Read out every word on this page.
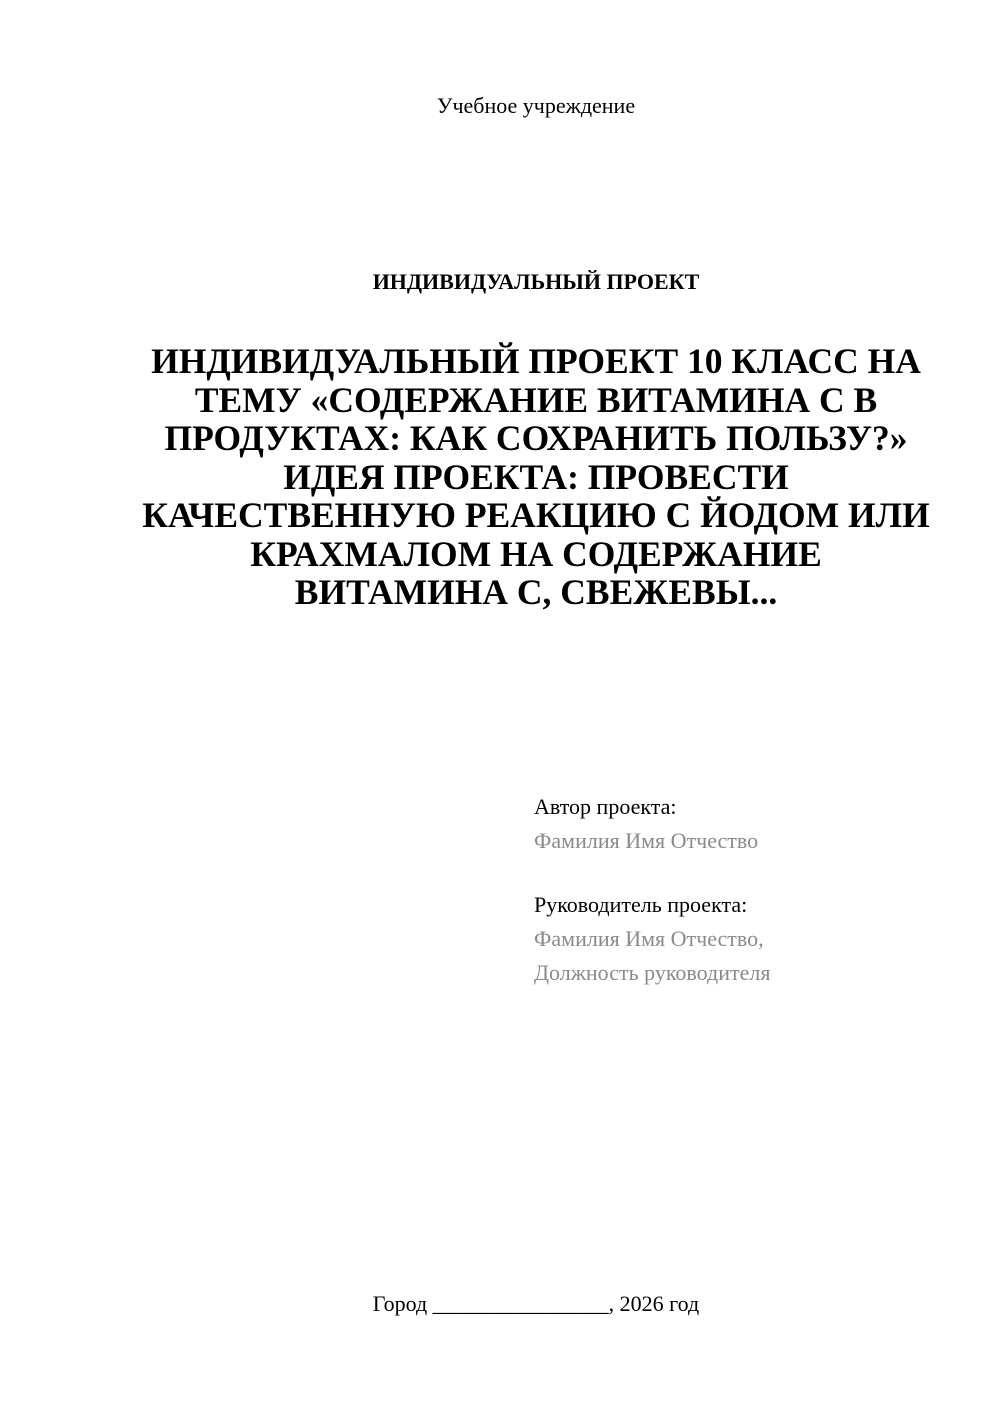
Учебное учреждение
ИНДИВИДУАЛЬНЫЙ ПРОЕКТ
ИНДИВИДУАЛЬНЫЙ ПРОЕКТ 10 КЛАСС НА ТЕМУ «СОДЕРЖАНИЕ ВИТАМИНА С В ПРОДУКТАХ: КАК СОХРАНИТЬ ПОЛЬЗУ?» ИДЕЯ ПРОЕКТА: ПРОВЕСТИ КАЧЕСТВЕННУЮ РЕАКЦИЮ С ЙОДОМ ИЛИ КРАХМАЛОМ НА СОДЕРЖАНИЕ ВИТАМИНА С, СВЕЖЕВЫ...
Автор проекта:
Фамилия Имя Отчество
Руководитель проекта:
Фамилия Имя Отчество,
Должность руководителя
Город ________________, 2026 год
